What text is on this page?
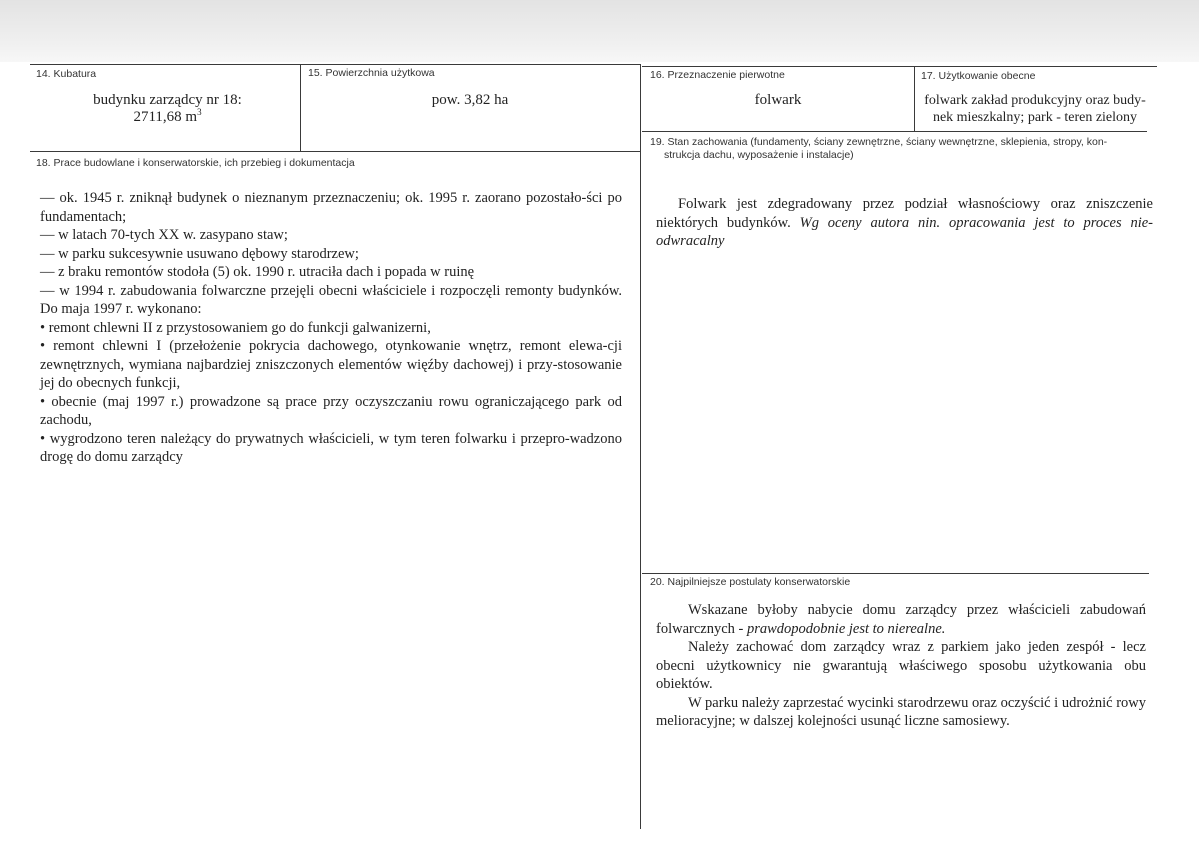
14. Kubatura
budynku zarządcy nr 18:
2711,68 $m^3$
15. Powierzchnia użytkowa
pow. 3,82 ha
16. Przeznaczenie pierwotne
folwark
17. Użytkowanie obecne
folwark zakład produkcyjny oraz budy-
nek mieszkalny; park - teren zielony
18. Prace budowlane i konserwatorskie, ich przebieg i dokumentacja

— ok. 1945 r. zniknął budynek o nieznanym przeznaczeniu; ok. 1995 r. zaorano pozostało-ści po fundamentach;

— w latach 70-tych XX w. zasypano staw;

— w parku sukcesywnie usuwano dębowy starodrzew;

— z braku remontów stodoła (5) ok. 1990 r. utraciła dach i popada w ruinę

— w 1994 r. zabudowania folwarczne przejęli obecni właściciele i rozpoczęli remonty budynków. Do maja 1997 r. wykonano:

• remont chlewni II z przystosowaniem go do funkcji galwanizerni,

• remont chlewni I (przełożenie pokrycia dachowego, otynkowanie wnętrz, remont elewa-cji zewnętrznych, wymiana najbardziej zniszczonych elementów więźby dachowej) i przy-stosowanie jej do obecnych funkcji,

• obecnie (maj 1997 r.) prowadzone są prace przy oczyszczaniu rowu ograniczającego park od zachodu,

• wygrodzono teren należący do prywatnych właścicieli, w tym teren folwarku i przepro-wadzono drogę do domu zarządcy

19. Stan zachowania (fundamenty, ściany zewnętrzne, ściany wewnętrzne, sklepienia, stropy, kon-
strukcja dachu, wyposażenie i instalacje)
Folwark jest zdegradowany przez podział własnościowy oraz zniszczenie niektórych budynków. Wg oceny autora nin. opracowania jest to proces nie-odwracalny
20. Najpilniejsze postulaty konserwatorskie

Wskazane byłoby nabycie domu zarządcy przez właścicieli zabudowań folwarcznych - prawdopodobnie jest to nierealne.

Należy zachować dom zarządcy wraz z parkiem jako jeden zespół - lecz obecni użytkownicy nie gwarantują właściwego sposobu użytkowania obu obiektów.

W parku należy zaprzestać wycinki starodrzewu oraz oczyścić i udrożnić rowy melioracyjne; w dalszej kolejności usunąć liczne samosiewy.
